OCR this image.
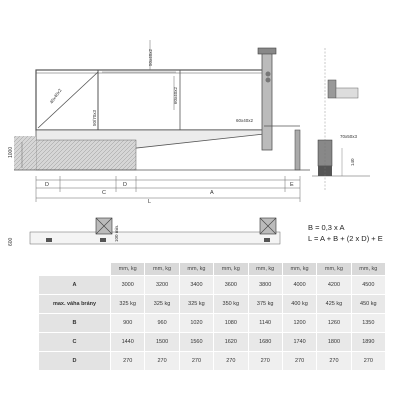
1000
50x40x2
60x40x2
40x40x2
50/70x3	60x40x2
D
C
E
A
D
L
70x50x3
140
600	100 min.	B = 0,3 x A
L = A + B + (2 x D) + E
	mm, kg	mm, kg	mm, kg	mm, kg	mm, kg	mm, kg	mm, kg	mm, kg
A	3000	3200	3400	3600	3800	4000	4200	4500
max. váha brány	325 kg	325 kg	325 kg	350 kg	375 kg	400 kg	425 kg	450 kg
B	900	960	1020	1080	1140	1200	1260	1350
C	1440	1500	1560	1620	1680	1740	1800	1890
D	270	270	270	270	270	270	270	270
